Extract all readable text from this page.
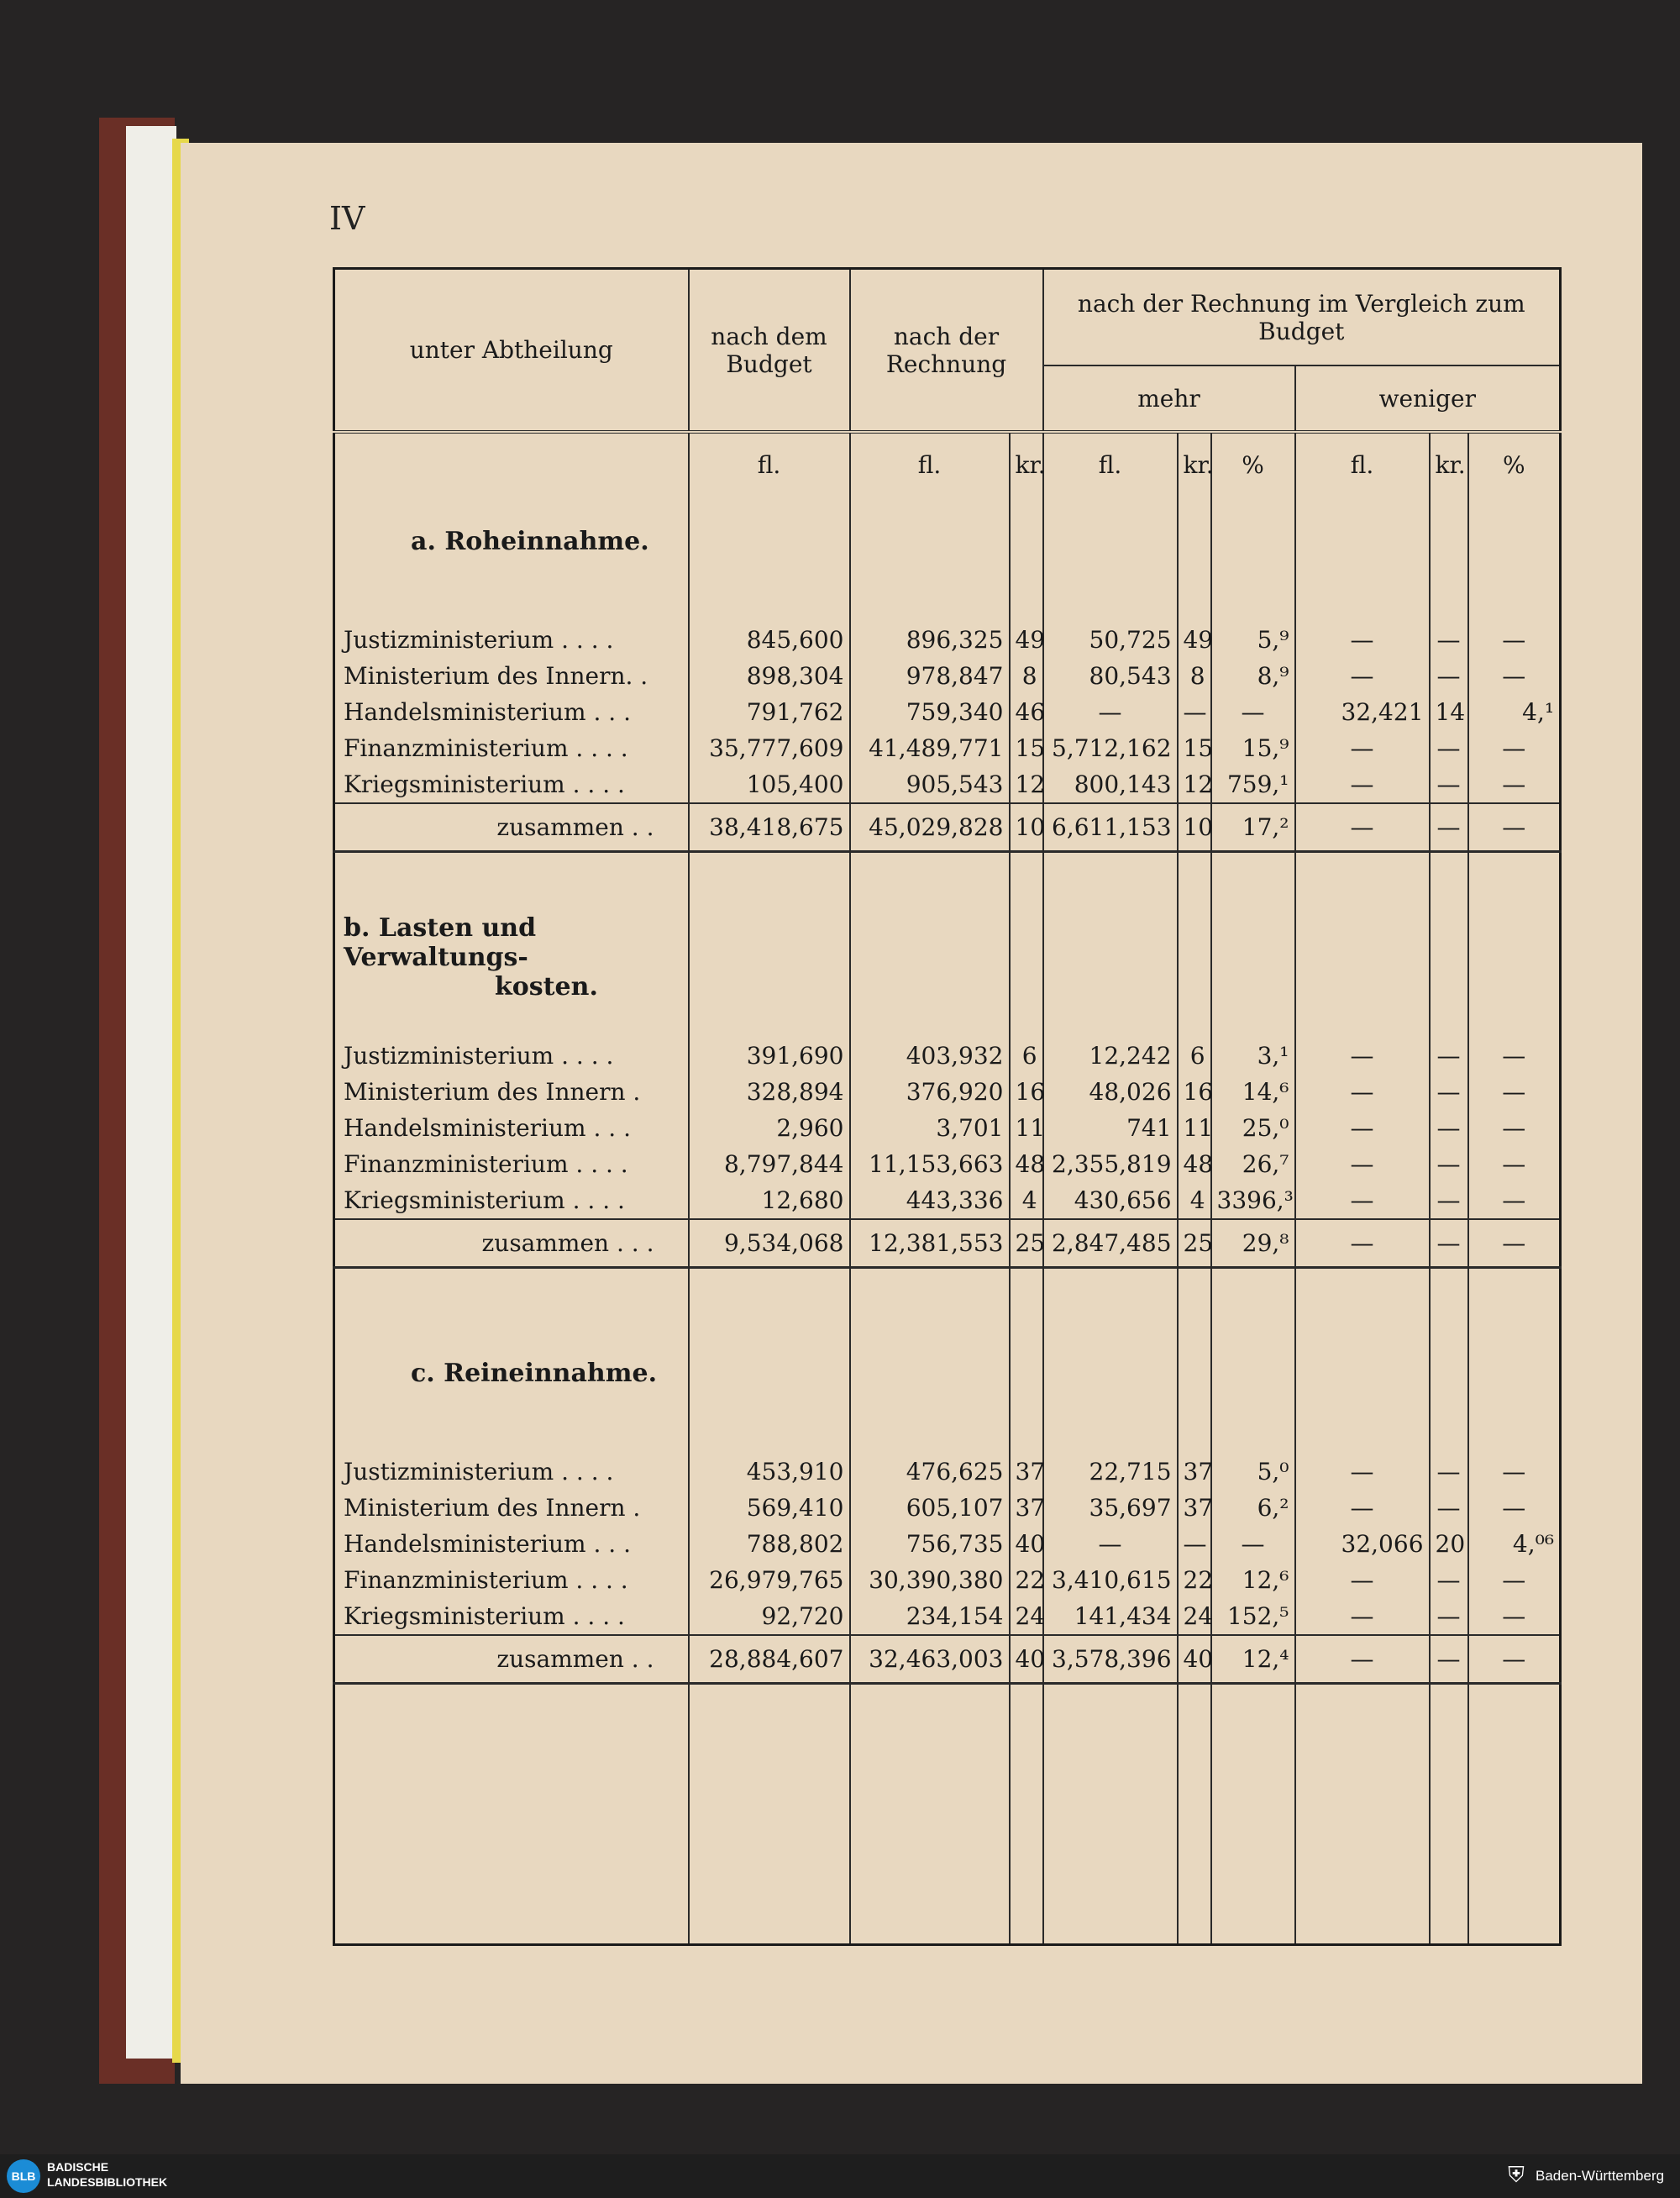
IV
unter Abtheilung	nach dem Budget	nach der Rechnung		nach der Rechnung im Vergleich zum Budget					
				mehr			weniger		
	fl.	fl.	kr.	fl.	kr.	%	fl.	kr.	%
a. Roheinnahme.									

Justizministerium . . . .	845,600	896,325	49	50,725	49	5,⁹	—	—	—
Ministerium des Innern. .	898,304	978,847	8	80,543	8	8,⁹	—	—	—
Handelsministerium . . .	791,762	759,340	46	—	—	—	32,421	14	4,¹
Finanzministerium . . . .	35,777,609	41,489,771	15	5,712,162	15	15,⁹	—	—	—
Kriegsministerium . . . .	105,400	905,543	12	800,143	12	759,¹	—	—	—
zusammen . .	38,418,675	45,029,828	10	6,611,153	10	17,²	—	—	—

b. Lasten und Verwaltungs-
kosten.									

Justizministerium . . . .	391,690	403,932	6	12,242	6	3,¹	—	—	—
Ministerium des Innern .	328,894	376,920	16	48,026	16	14,⁶	—	—	—
Handelsministerium . . .	2,960	3,701	11	741	11	25,⁰	—	—	—
Finanzministerium . . . .	8,797,844	11,153,663	48	2,355,819	48	26,⁷	—	—	—
Kriegsministerium . . . .	12,680	443,336	4	430,656	4	3396,³	—	—	—
zusammen . . .	9,534,068	12,381,553	25	2,847,485	25	29,⁸	—	—	—

c. Reineinnahme.									

Justizministerium . . . .	453,910	476,625	37	22,715	37	5,⁰	—	—	—
Ministerium des Innern .	569,410	605,107	37	35,697	37	6,²	—	—	—
Handelsministerium . . .	788,802	756,735	40	—	—	—	32,066	20	4,⁰⁶
Finanzministerium . . . .	26,979,765	30,390,380	22	3,410,615	22	12,⁶	—	—	—
Kriegsministerium . . . .	92,720	234,154	24	141,434	24	152,⁵	—	—	—
zusammen . .	28,884,607	32,463,003	40	3,578,396	40	12,⁴	—	—	—

BLB
BADISCHE
LANDESBIBLIOTHEK	⛨ Baden-Württemberg
